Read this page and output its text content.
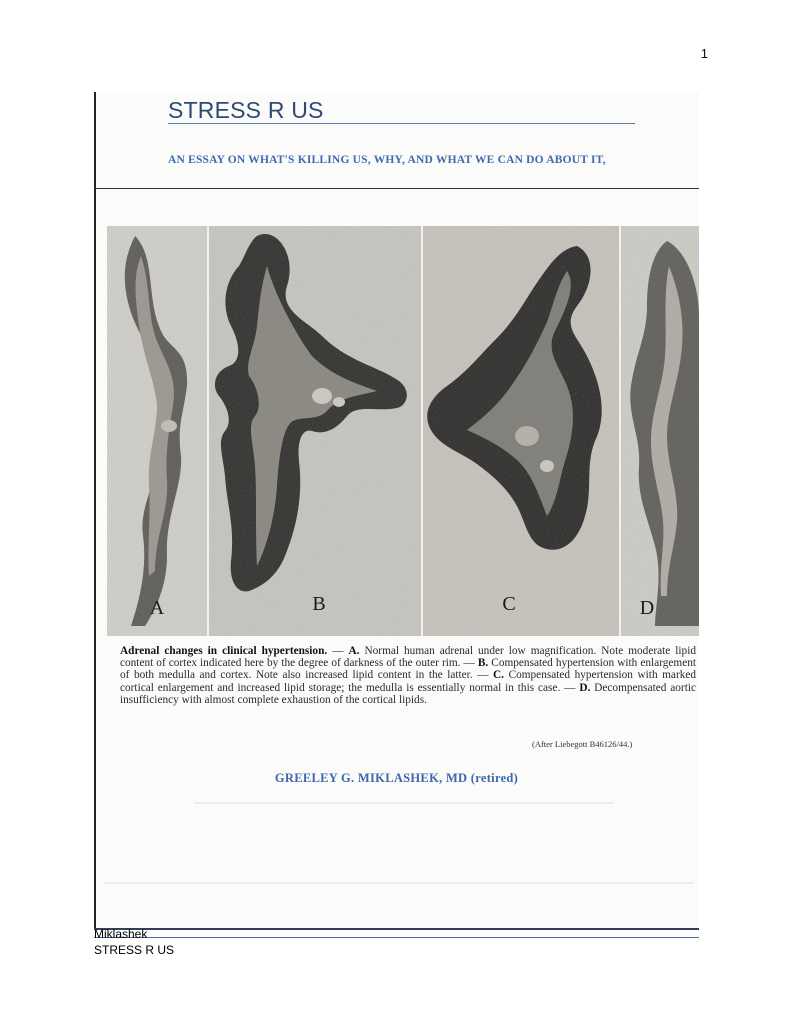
1
STRESS R US
AN ESSAY ON WHAT'S KILLING US, WHY, AND WHAT WE CAN DO ABOUT IT,
A	B	C	D

Adrenal changes in clinical hypertension. — A. Normal human adrenal under low magnification. Note moderate lipid content of cortex indicated here by the degree of darkness of the outer rim. — B. Compensated hypertension with enlargement of both medulla and cortex. Note also increased lipid content in the latter. — C. Compensated hypertension with marked cortical enlargement and increased lipid storage; the medulla is essentially normal in this case. — D. Decompensated aortic insufficiency with almost complete exhaustion of the cortical lipids.

(After Liebegott B46126/44.)
GREELEY G. MIKLASHEK, MD (retired)
Miklashek
STRESS R US
